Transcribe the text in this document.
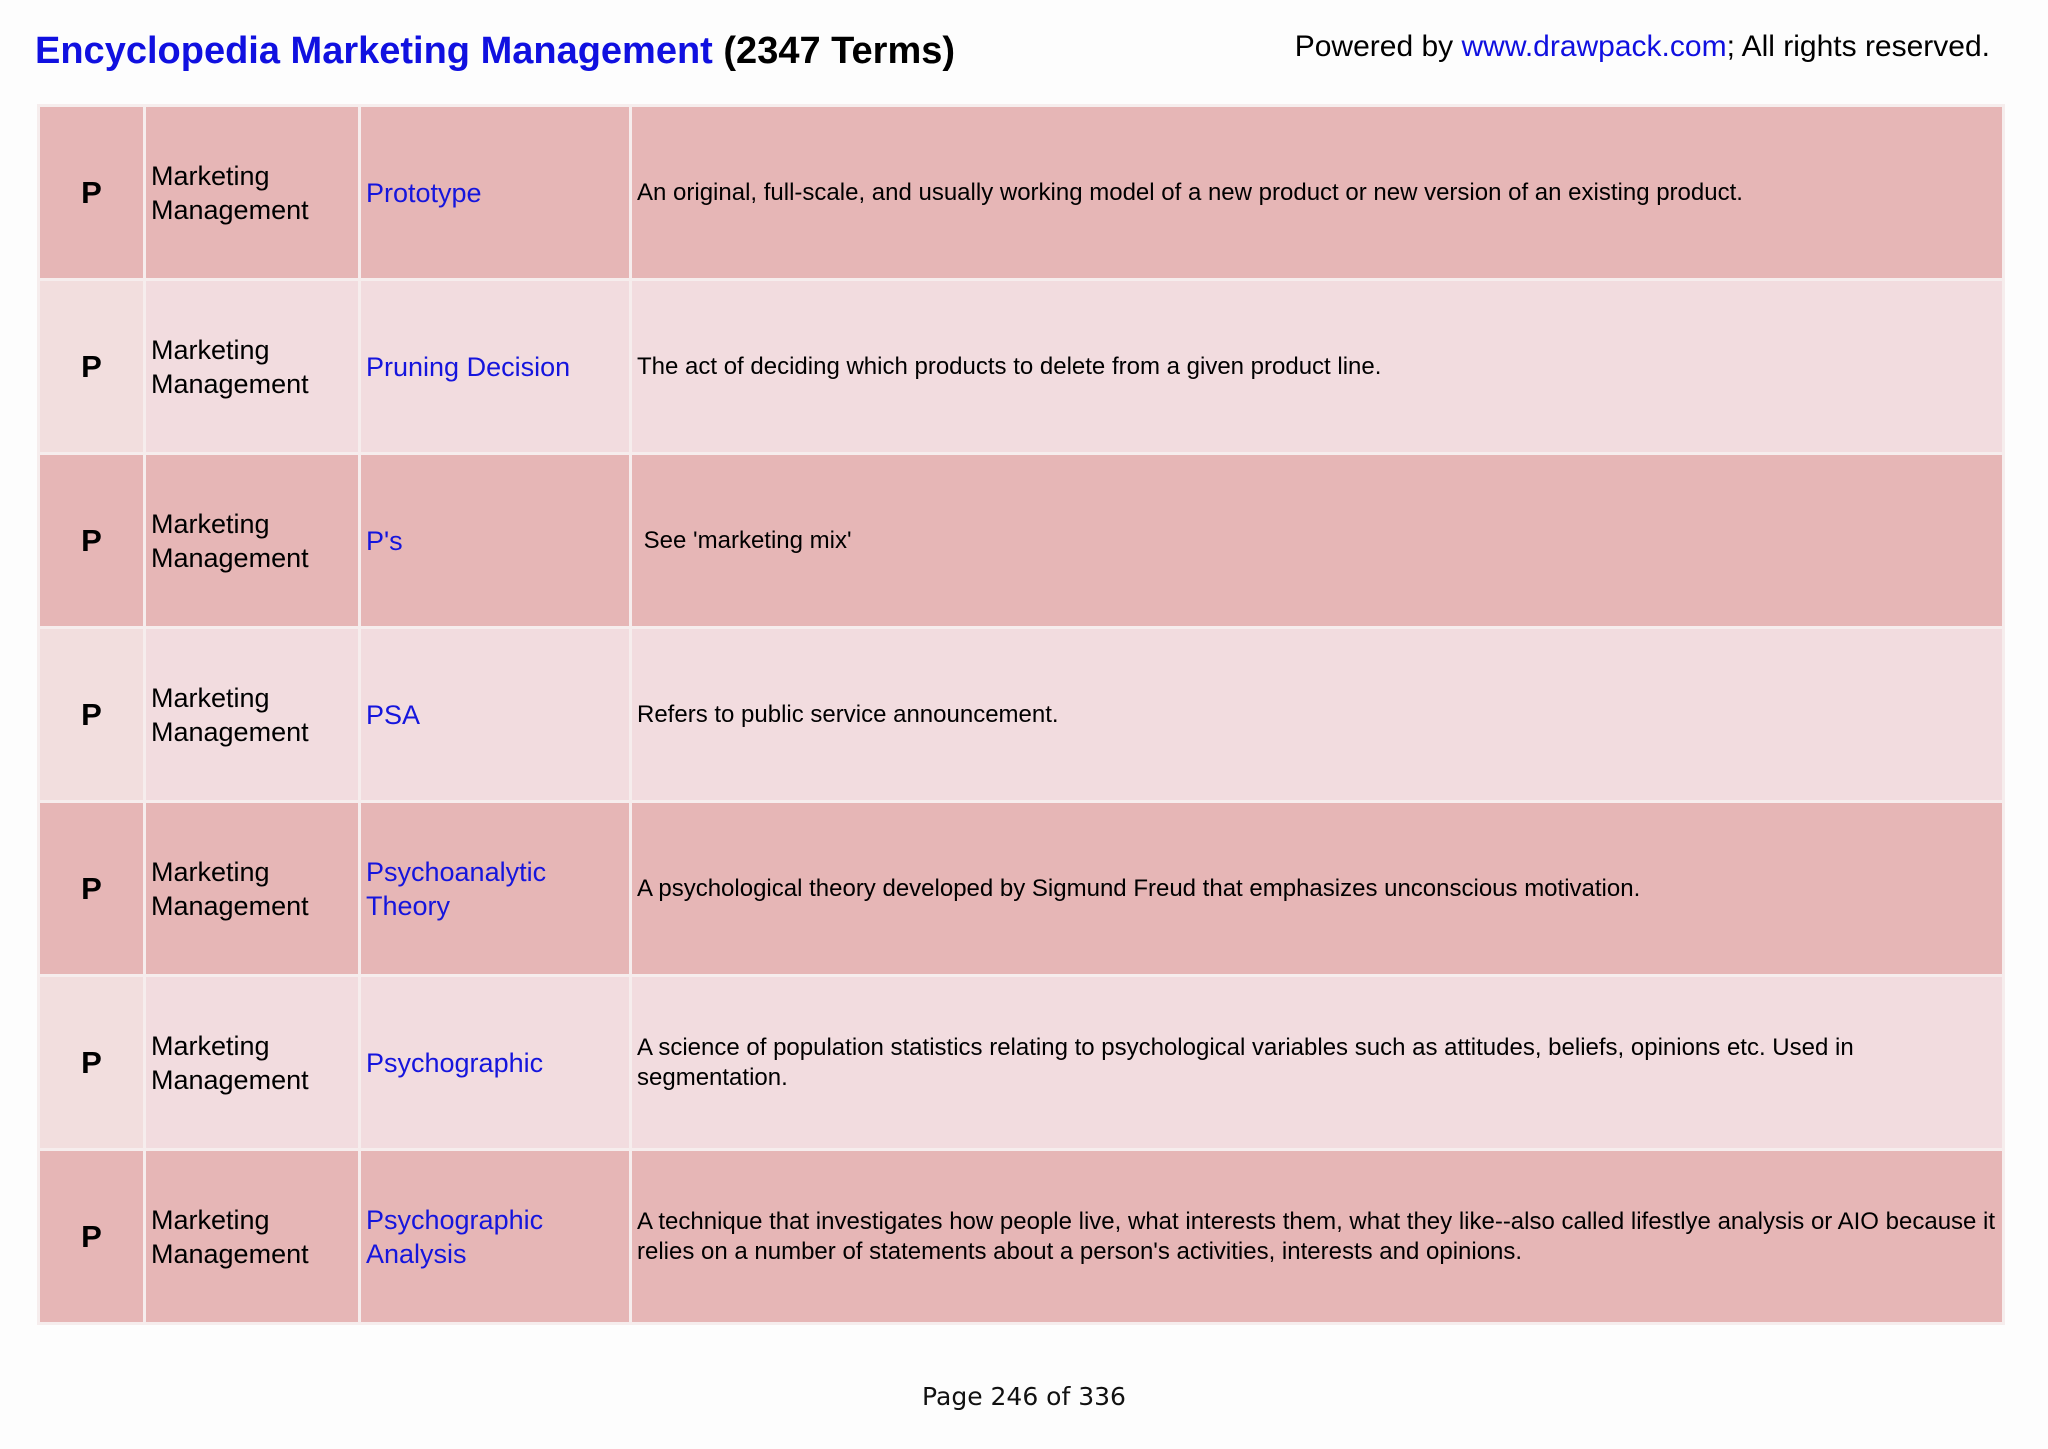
Encyclopedia Marketing Management (2347 Terms)	Powered by www.drawpack.com; All rights reserved.
P	Marketing Management	Prototype	An original, full-scale, and usually working model of a new product or new version of an existing product.
P	Marketing Management	Pruning Decision	The act of deciding which products to delete from a given product line.
P	Marketing Management	P's	See 'marketing mix'
P	Marketing Management	PSA	Refers to public service announcement.
P	Marketing Management	Psychoanalytic Theory	A psychological theory developed by Sigmund Freud that emphasizes unconscious motivation.
P	Marketing Management	Psychographic	A science of population statistics relating to psychological variables such as attitudes, beliefs, opinions etc. Used in segmentation.
P	Marketing Management	Psychographic Analysis	A technique that investigates how people live, what interests them, what they like--also called lifestlye analysis or AIO because it relies on a number of statements about a person's activities, interests and opinions.
Page 246 of 336
